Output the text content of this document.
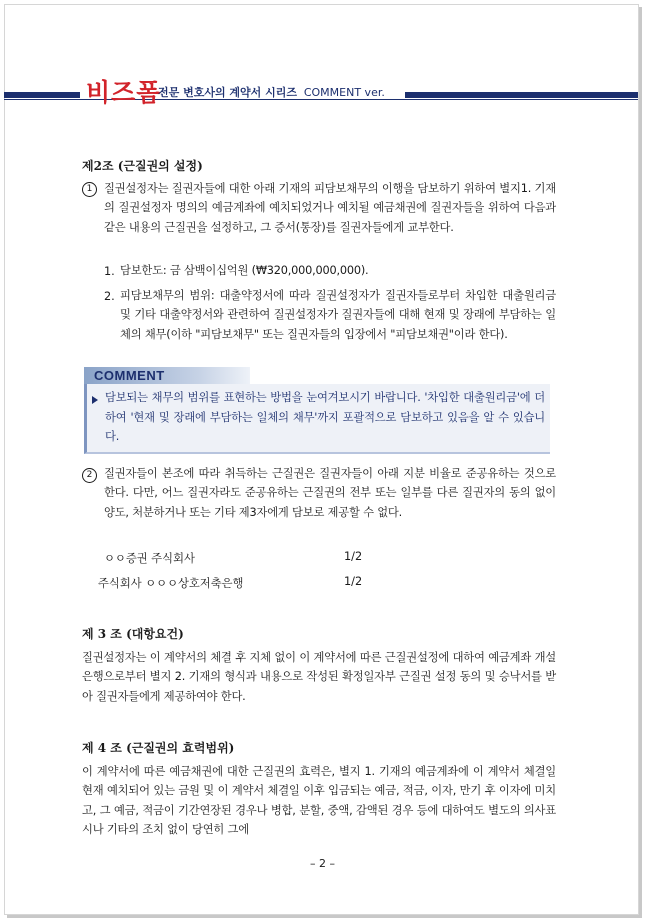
비즈폼
전문 변호사의 계약서 시리즈 COMMENT ver.
제2조 (근질권의 설정)
1	질권설정자는 질권자들에 대한 아래 기재의 피담보채무의 이행을 담보하기 위하여 별지1. 기재의 질권설정자 명의의 예금계좌에 예치되었거나 예치될 예금채권에 질권자들을 위하여 다음과 같은 내용의 근질권을 설정하고, 그 증서(통장)를 질권자들에게 교부한다.
1. 담보한도: 금 삼백이십억원 (₩320,000,000,000).
2. 피담보채무의 범위: 대출약정서에 따라 질권설정자가 질권자들로부터 차입한 대출원리금 및 기타 대출약정서와 관련하여 질권설정자가 질권자들에 대해 현재 및 장래에 부담하는 일체의 채무(이하 "피담보채무" 또는 질권자들의 입장에서 "피담보채권"이라 한다).
COMMENT
담보되는 채무의 범위를 표현하는 방법을 눈여겨보시기 바랍니다. '차입한 대출원리금'에 더하여 '현재 및 장래에 부담하는 일체의 채무'까지 포괄적으로 담보하고 있음을 알 수 있습니다.
2	질권자들이 본조에 따라 취득하는 근질권은 질권자들이 아래 지분 비율로 준공유하는 것으로 한다. 다만, 어느 질권자라도 준공유하는 근질권의 전부 또는 일부를 다른 질권자의 동의 없이 양도, 처분하거나 또는 기타 제3자에게 담보로 제공할 수 없다.
ㅇㅇ증권 주식회사	1/2
주식회사 ㅇㅇㅇ상호저축은행	1/2
제 3 조 (대항요건)
질권설정자는 이 계약서의 체결 후 지체 없이 이 계약서에 따른 근질권설정에 대하여 예금계좌 개설은행으로부터 별지 2. 기재의 형식과 내용으로 작성된 확정일자부 근질권 설정 동의 및 승낙서를 받아 질권자들에게 제공하여야 한다.
제 4 조 (근질권의 효력범위)
이 계약서에 따른 예금채권에 대한 근질권의 효력은, 별지 1. 기재의 예금계좌에 이 계약서 체결일 현재 예치되어 있는 금원 및 이 계약서 체결일 이후 입금되는 예금, 적금, 이자, 만기 후 이자에 미치고, 그 예금, 적금이 기간연장된 경우나 병합, 분할, 중액, 감액된 경우 등에 대하여도 별도의 의사표시나 기타의 조치 없이 당연히 그에
– 2 –
